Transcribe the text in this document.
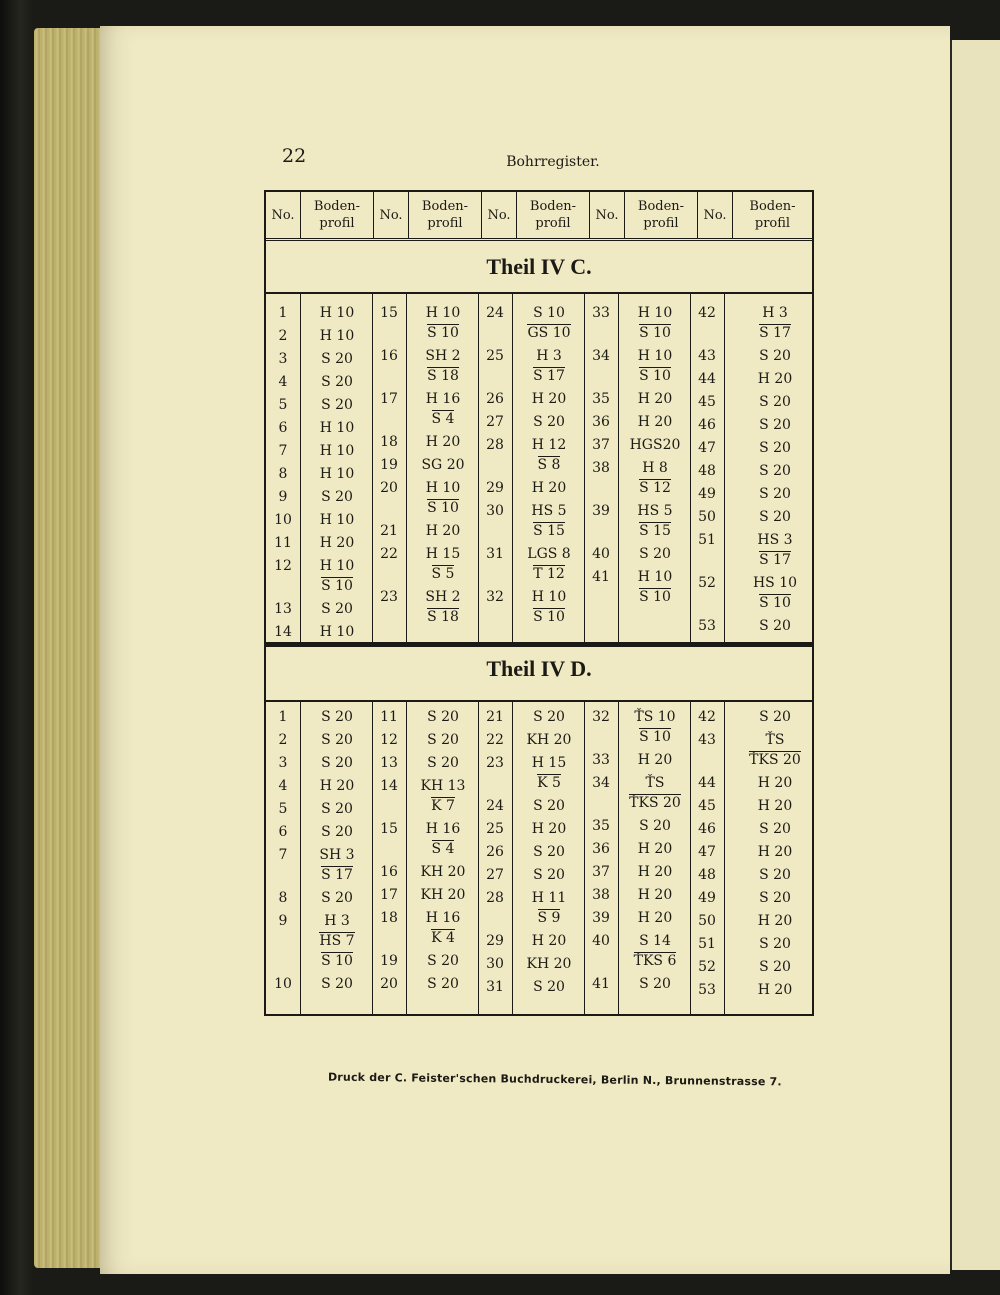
22	Bohrregister.
No.
Boden-profil
No.
Boden-profil
No.
Boden-profil
No.
Boden-profil
No.
Boden-profil
Theil IV C.
1	H 10
2	H 10
3	S 20
4	S 20
5	S 20
6	H 10
7	H 10
8	H 10
9	S 20
10	H 10
11	H 20
12	H 10
S 10
13	S 20
14	H 10
15	H 10
S 10
16	SH 2
S 18
17	H 16
S 4
18	H 20
19	SG 20
20	H 10
S 10
21	H 20
22	H 15
S 5
23	SH 2
S 18
24	S 10
GS 10
25	H 3
S 17
26	H 20
27	S 20
28	H 12
S 8
29	H 20
30	HS 5
S 15
31	LGS 8
T 12
32	H 10
S 10
33	H 10
S 10
34	H 10
S 10
35	H 20
36	H 20
37	HGS20
38	H 8
S 12
39	HS 5
S 15
40	S 20
41	H 10
S 10
42	H 3
S 17
43	S 20
44	H 20
45	S 20
46	S 20
47	S 20
48	S 20
49	S 20
50	S 20
51	HS 3
S 17
52	HS 10
S 10
53	S 20
Theil IV D.
1	S 20
2	S 20
3	S 20
4	H 20
5	S 20
6	S 20
7	SH 3
S 17
8	S 20
9	H 3
HS 7
S 10
10	S 20
11	S 20
12	S 20
13	S 20
14	KH 13
K 7
15	H 16
S 4
16	KH 20
17	KH 20
18	H 16
K 4
19	S 20
20	S 20
21	S 20
22	KH 20
23	H 15
K 5
24	S 20
25	H 20
26	S 20
27	S 20
28	H 11
S 9
29	H 20
30	KH 20
31	S 20
32	ŤS 10
S 10
33	H 20
34	ŤS
ŤKS 20
35	S 20
36	H 20
37	H 20
38	H 20
39	H 20
40	S 14
ŤKS 6
41	S 20
42	S 20
43	ŤS
ŤKS 20
44	H 20
45	H 20
46	S 20
47	H 20
48	S 20
49	S 20
50	H 20
51	S 20
52	S 20
53	H 20
Druck der C. Feister'schen Buchdruckerei, Berlin N., Brunnenstrasse 7.
